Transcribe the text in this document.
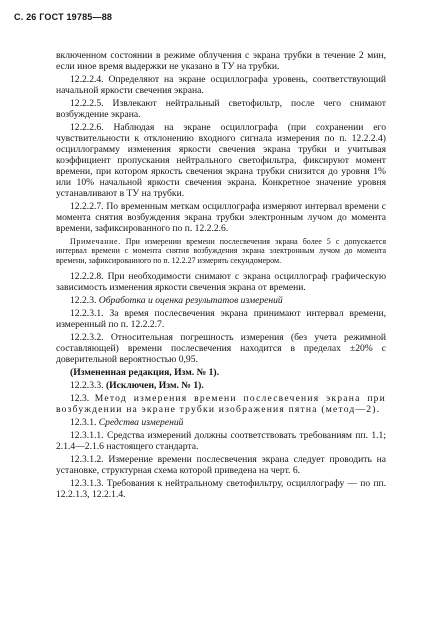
С. 26 ГОСТ 19785—88

включенном состоянии в режиме облучения с экрана трубки в течение 2 мин, если иное время выдержки не указано в ТУ на трубки.

12.2.2.4. Определяют на экране осциллографа уровень, соответствующий начальной яркости свечения экрана.

12.2.2.5. Извлекают нейтральный светофильтр, после чего снимают возбуждение экрана.

12.2.2.6. Наблюдая на экране осциллографа (при сохранении его чувствительности к отклонению входного сигнала измерения по п. 12.2.2.4) осциллограмму изменения яркости свечения экрана трубки и учитывая коэффициент пропускания нейтрального светофильтра, фиксируют момент времени, при котором яркость свечения экрана трубки снизится до уровня 1% или 10% начальной яркости свечения экрана. Конкретное значение уровня устанавливают в ТУ на трубки.

12.2.2.7. По временным меткам осциллографа измеряют интервал времени с момента снятия возбуждения экрана трубки электронным лучом до момента времени, зафиксированного по п. 12.2.2.6.

Примечание. При измерении времени послесвечения экрана более 5 с допускается интервал времени с момента снятия возбуждения экрана электронным лучом до момента времени, зафиксированного по п. 12.2.27 измерять секундомером.

12.2.2.8. При необходимости снимают с экрана осциллограф графическую зависимость изменения яркости свечения экрана от времени.

12.2.3. Обработка и оценка результатов измерений

12.2.3.1. За время послесвечения экрана принимают интервал времени, измеренный по п. 12.2.2.7.

12.2.3.2. Относительная погрешность измерения (без учета режимной составляющей) времени послесвечения находится в пределах ±20% с доверительной вероятностью 0,95.

(Измененная редакция, Изм. № 1).

12.2.3.3. (Исключен, Изм. № 1).

12.3. Метод измерения времени послесвечения экрана при возбуждении на экране трубки изображения пятна (метод—2).

12.3.1. Средства измерений

12.3.1.1. Средства измерений должны соответствовать требованиям пп. 1.1; 2.1.4—2.1.6 настоящего стандарта.

12.3.1.2. Измерение времени послесвечения экрана следует проводить на установке, структурная схема которой приведена на черт. 6.

12.3.1.3. Требования к нейтральному светофильтру, осциллографу — по пп. 12.2.1.3, 12.2.1.4.
